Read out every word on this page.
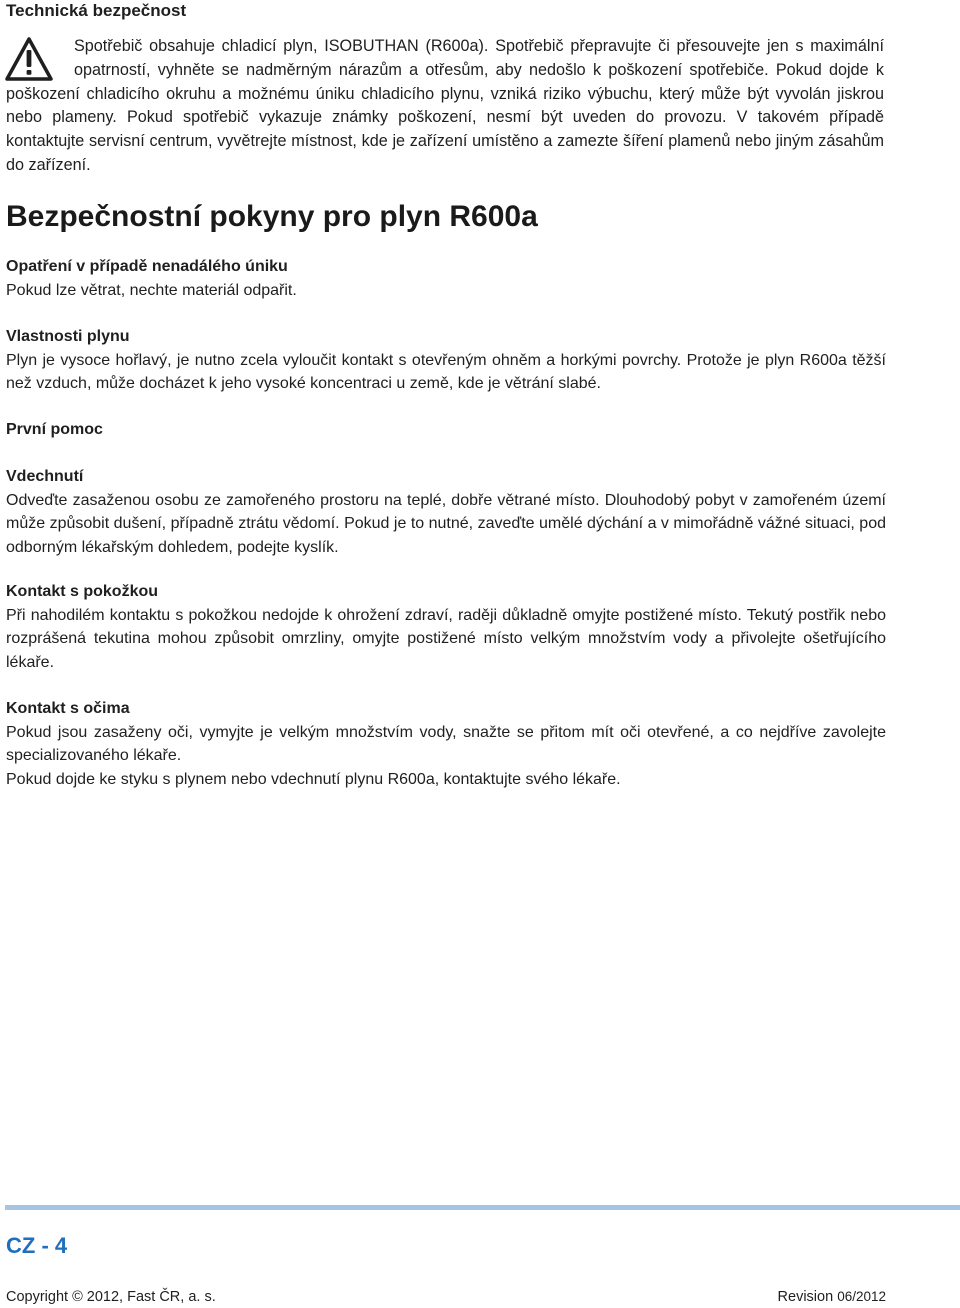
Technická bezpečnost
Spotřebič obsahuje chladicí plyn, ISOBUTHAN (R600a). Spotřebič přepravujte či přesouvejte jen s maximální opatrností, vyhněte se nadměrným nárazům a otřesům, aby nedošlo k poškození spotřebiče. Pokud dojde k poškození chladicího okruhu a možnému úniku chladicího plynu, vzniká riziko výbuchu, který může být vyvolán jiskrou nebo plameny. Pokud spotřebič vykazuje známky poškození, nesmí být uveden do provozu. V takovém případě kontaktujte servisní centrum, vyvětrejte místnost, kde je zařízení umístěno a zamezte šíření plamenů nebo jiným zásahům do zařízení.
Bezpečnostní pokyny pro plyn R600a
Opatření v případě nenadálého úniku
Pokud lze větrat, nechte materiál odpařit.
Vlastnosti plynu
Plyn je vysoce hořlavý, je nutno zcela vyloučit kontakt s otevřeným ohněm a horkými povrchy. Protože je plyn R600a těžší než vzduch, může docházet k jeho vysoké koncentraci u země, kde je větrání slabé.
První pomoc
Vdechnutí
Odveďte zasaženou osobu ze zamořeného prostoru na teplé, dobře větrané místo. Dlouhodobý pobyt v zamořeném území může způsobit dušení, případně ztrátu vědomí. Pokud je to nutné, zaveďte umělé dýchání a v mimořádně vážné situaci, pod odborným lékařským dohledem, podejte kyslík.
Kontakt s pokožkou
Při nahodilém kontaktu s pokožkou nedojde k ohrožení zdraví, raději důkladně omyjte postižené místo. Tekutý postřik nebo rozprášená tekutina mohou způsobit omrzliny, omyjte postižené místo velkým množstvím vody a přivolejte ošetřujícího lékaře.
Kontakt s očima
Pokud jsou zasaženy oči, vymyjte je velkým množstvím vody, snažte se přitom mít oči otevřené, a co nejdříve zavolejte specializovaného lékaře.
Pokud dojde ke styku s plynem nebo vdechnutí plynu R600a, kontaktujte svého lékaře.
CZ - 4
Copyright © 2012, Fast ČR, a. s.	Revision 06/2012
